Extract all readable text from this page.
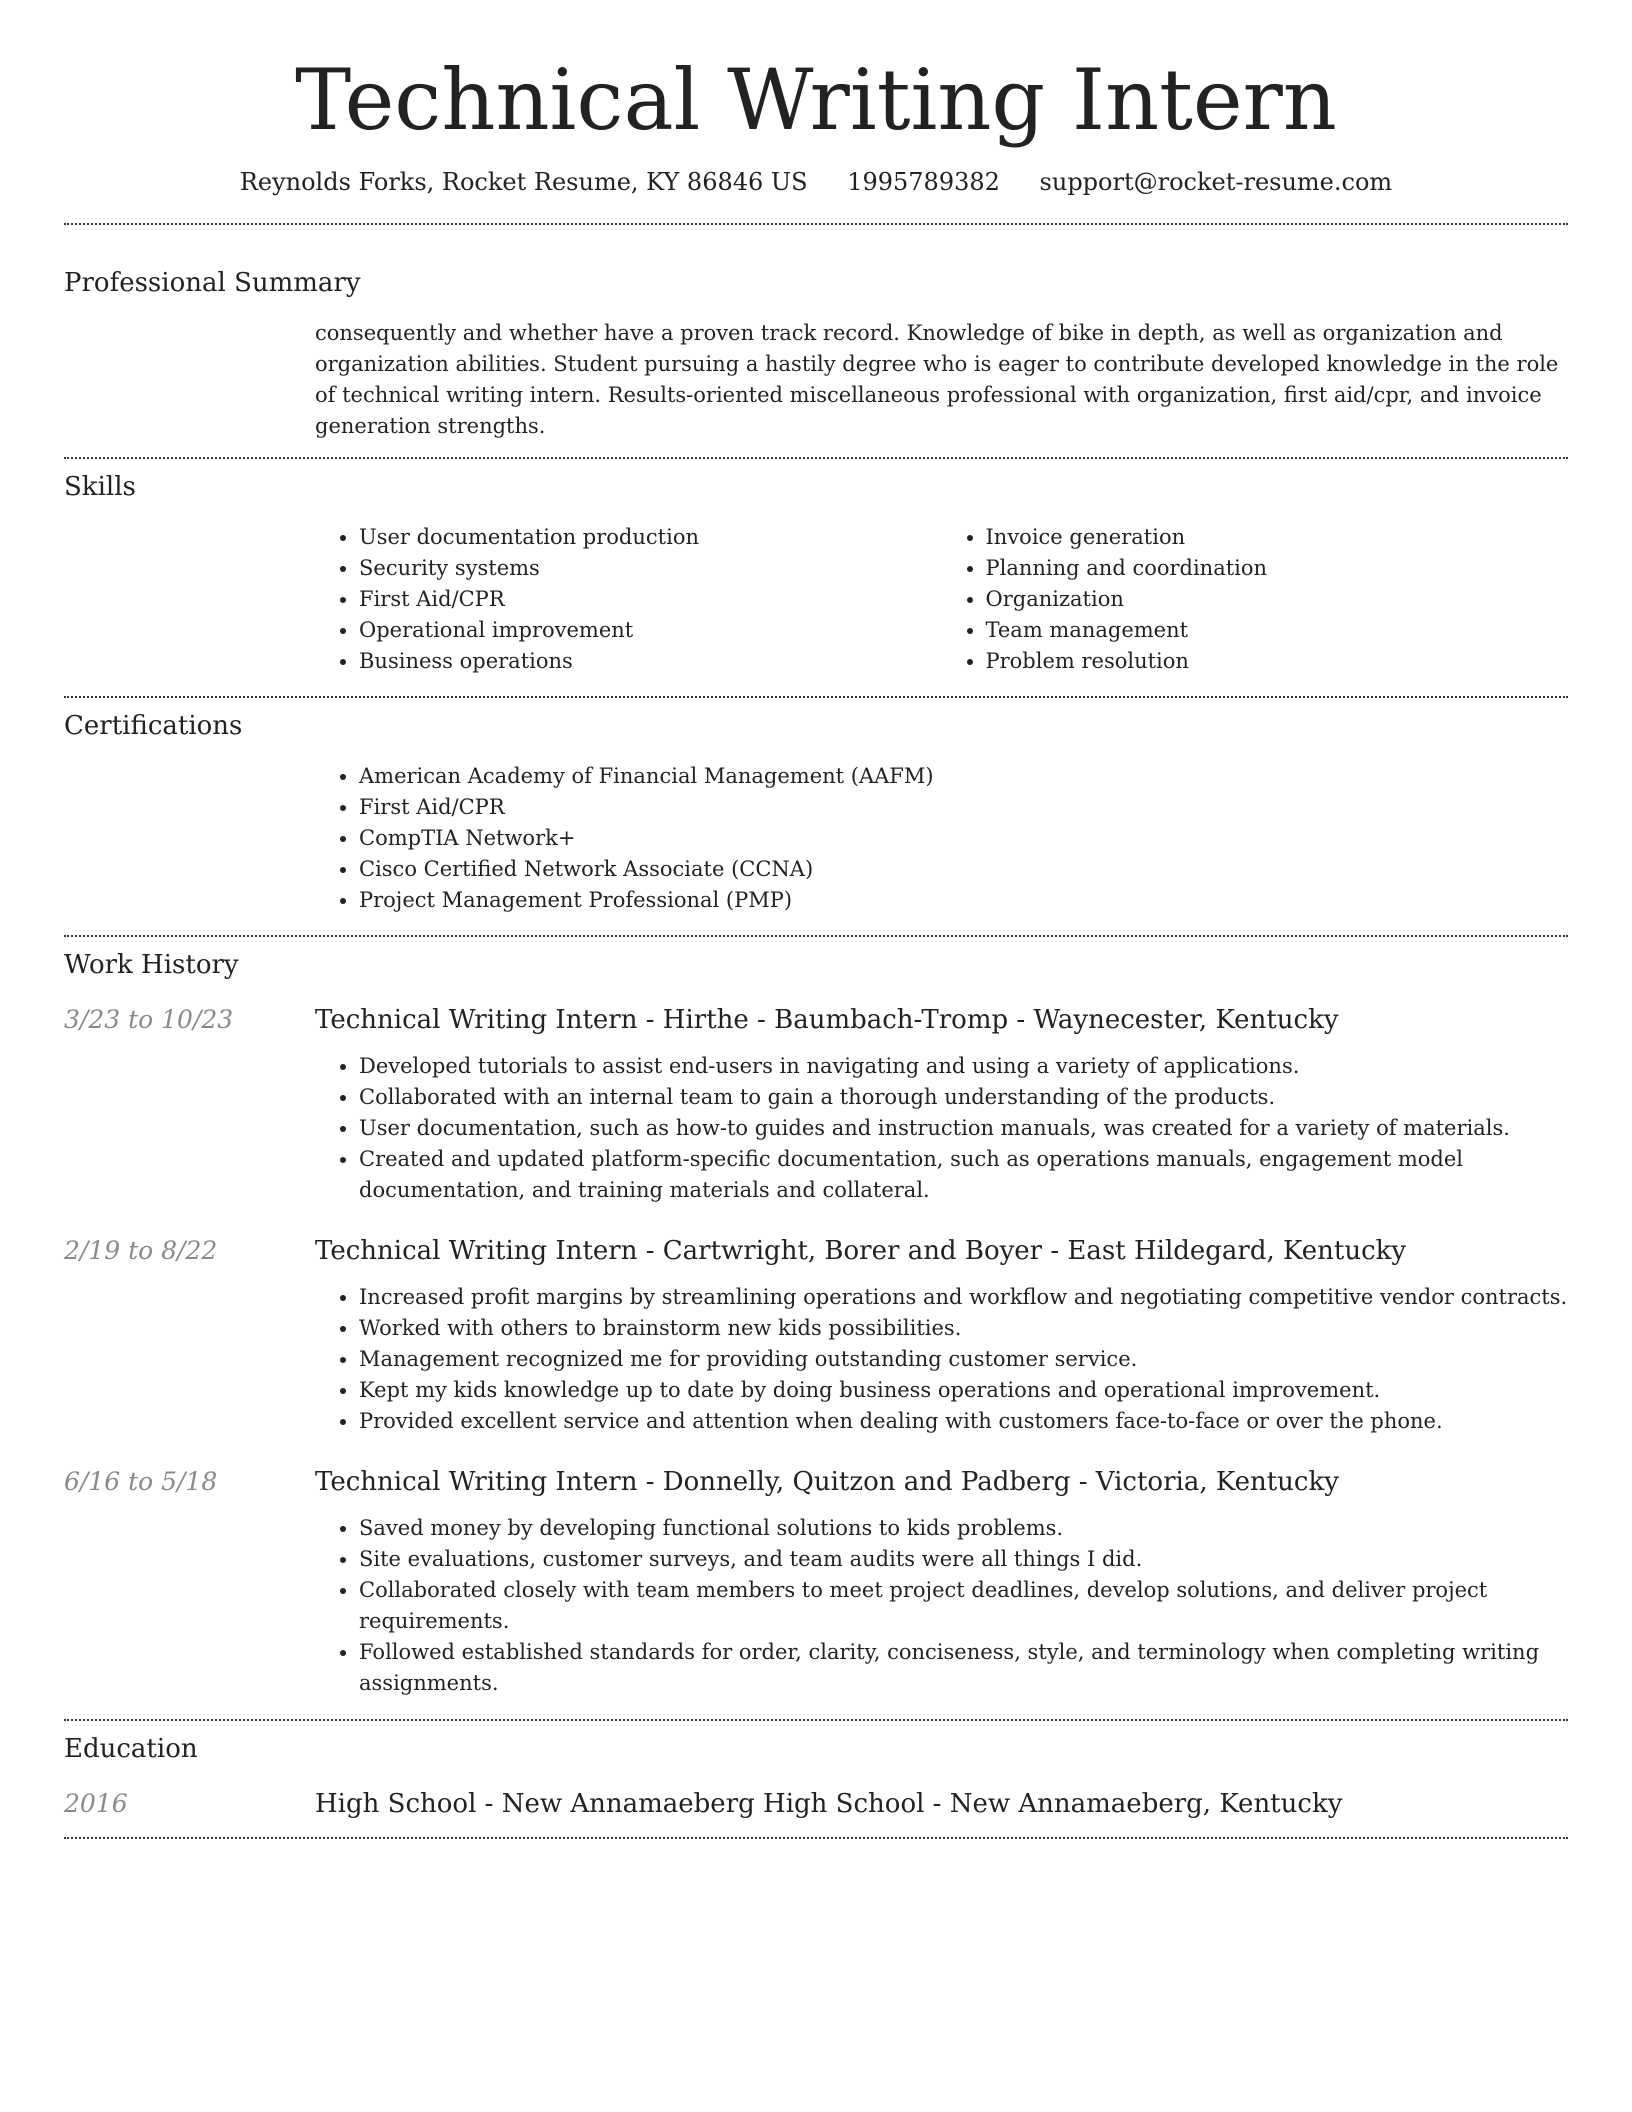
Technical Writing Intern
Reynolds Forks, Rocket Resume, KY 86846 US 1995789382 support@rocket-resume.com
Professional Summary
consequently and whether have a proven track record. Knowledge of bike in depth, as well as organization and organization abilities. Student pursuing a hastily degree who is eager to contribute developed knowledge in the role of technical writing intern. Results-oriented miscellaneous professional with organization, first aid/cpr, and invoice generation strengths.
Skills
• User documentation production
• Security systems
• First Aid/CPR
• Operational improvement
• Business operations
• Invoice generation
• Planning and coordination
• Organization
• Team management
• Problem resolution
Certifications
• American Academy of Financial Management (AAFM)
• First Aid/CPR
• CompTIA Network+
• Cisco Certified Network Associate (CCNA)
• Project Management Professional (PMP)
Work History
3/23 to 10/23	Technical Writing Intern - Hirthe - Baumbach-Tromp - Waynecester, Kentucky
• Developed tutorials to assist end-users in navigating and using a variety of applications.
• Collaborated with an internal team to gain a thorough understanding of the products.
• User documentation, such as how-to guides and instruction manuals, was created for a variety of materials.
• Created and updated platform-specific documentation, such as operations manuals, engagement model documentation, and training materials and collateral.
2/19 to 8/22	Technical Writing Intern - Cartwright, Borer and Boyer - East Hildegard, Kentucky
• Increased profit margins by streamlining operations and workflow and negotiating competitive vendor contracts.
• Worked with others to brainstorm new kids possibilities.
• Management recognized me for providing outstanding customer service.
• Kept my kids knowledge up to date by doing business operations and operational improvement.
• Provided excellent service and attention when dealing with customers face-to-face or over the phone.
6/16 to 5/18	Technical Writing Intern - Donnelly, Quitzon and Padberg - Victoria, Kentucky
• Saved money by developing functional solutions to kids problems.
• Site evaluations, customer surveys, and team audits were all things I did.
• Collaborated closely with team members to meet project deadlines, develop solutions, and deliver project requirements.
• Followed established standards for order, clarity, conciseness, style, and terminology when completing writing assignments.
Education
2016	High School - New Annamaeberg High School - New Annamaeberg, Kentucky
